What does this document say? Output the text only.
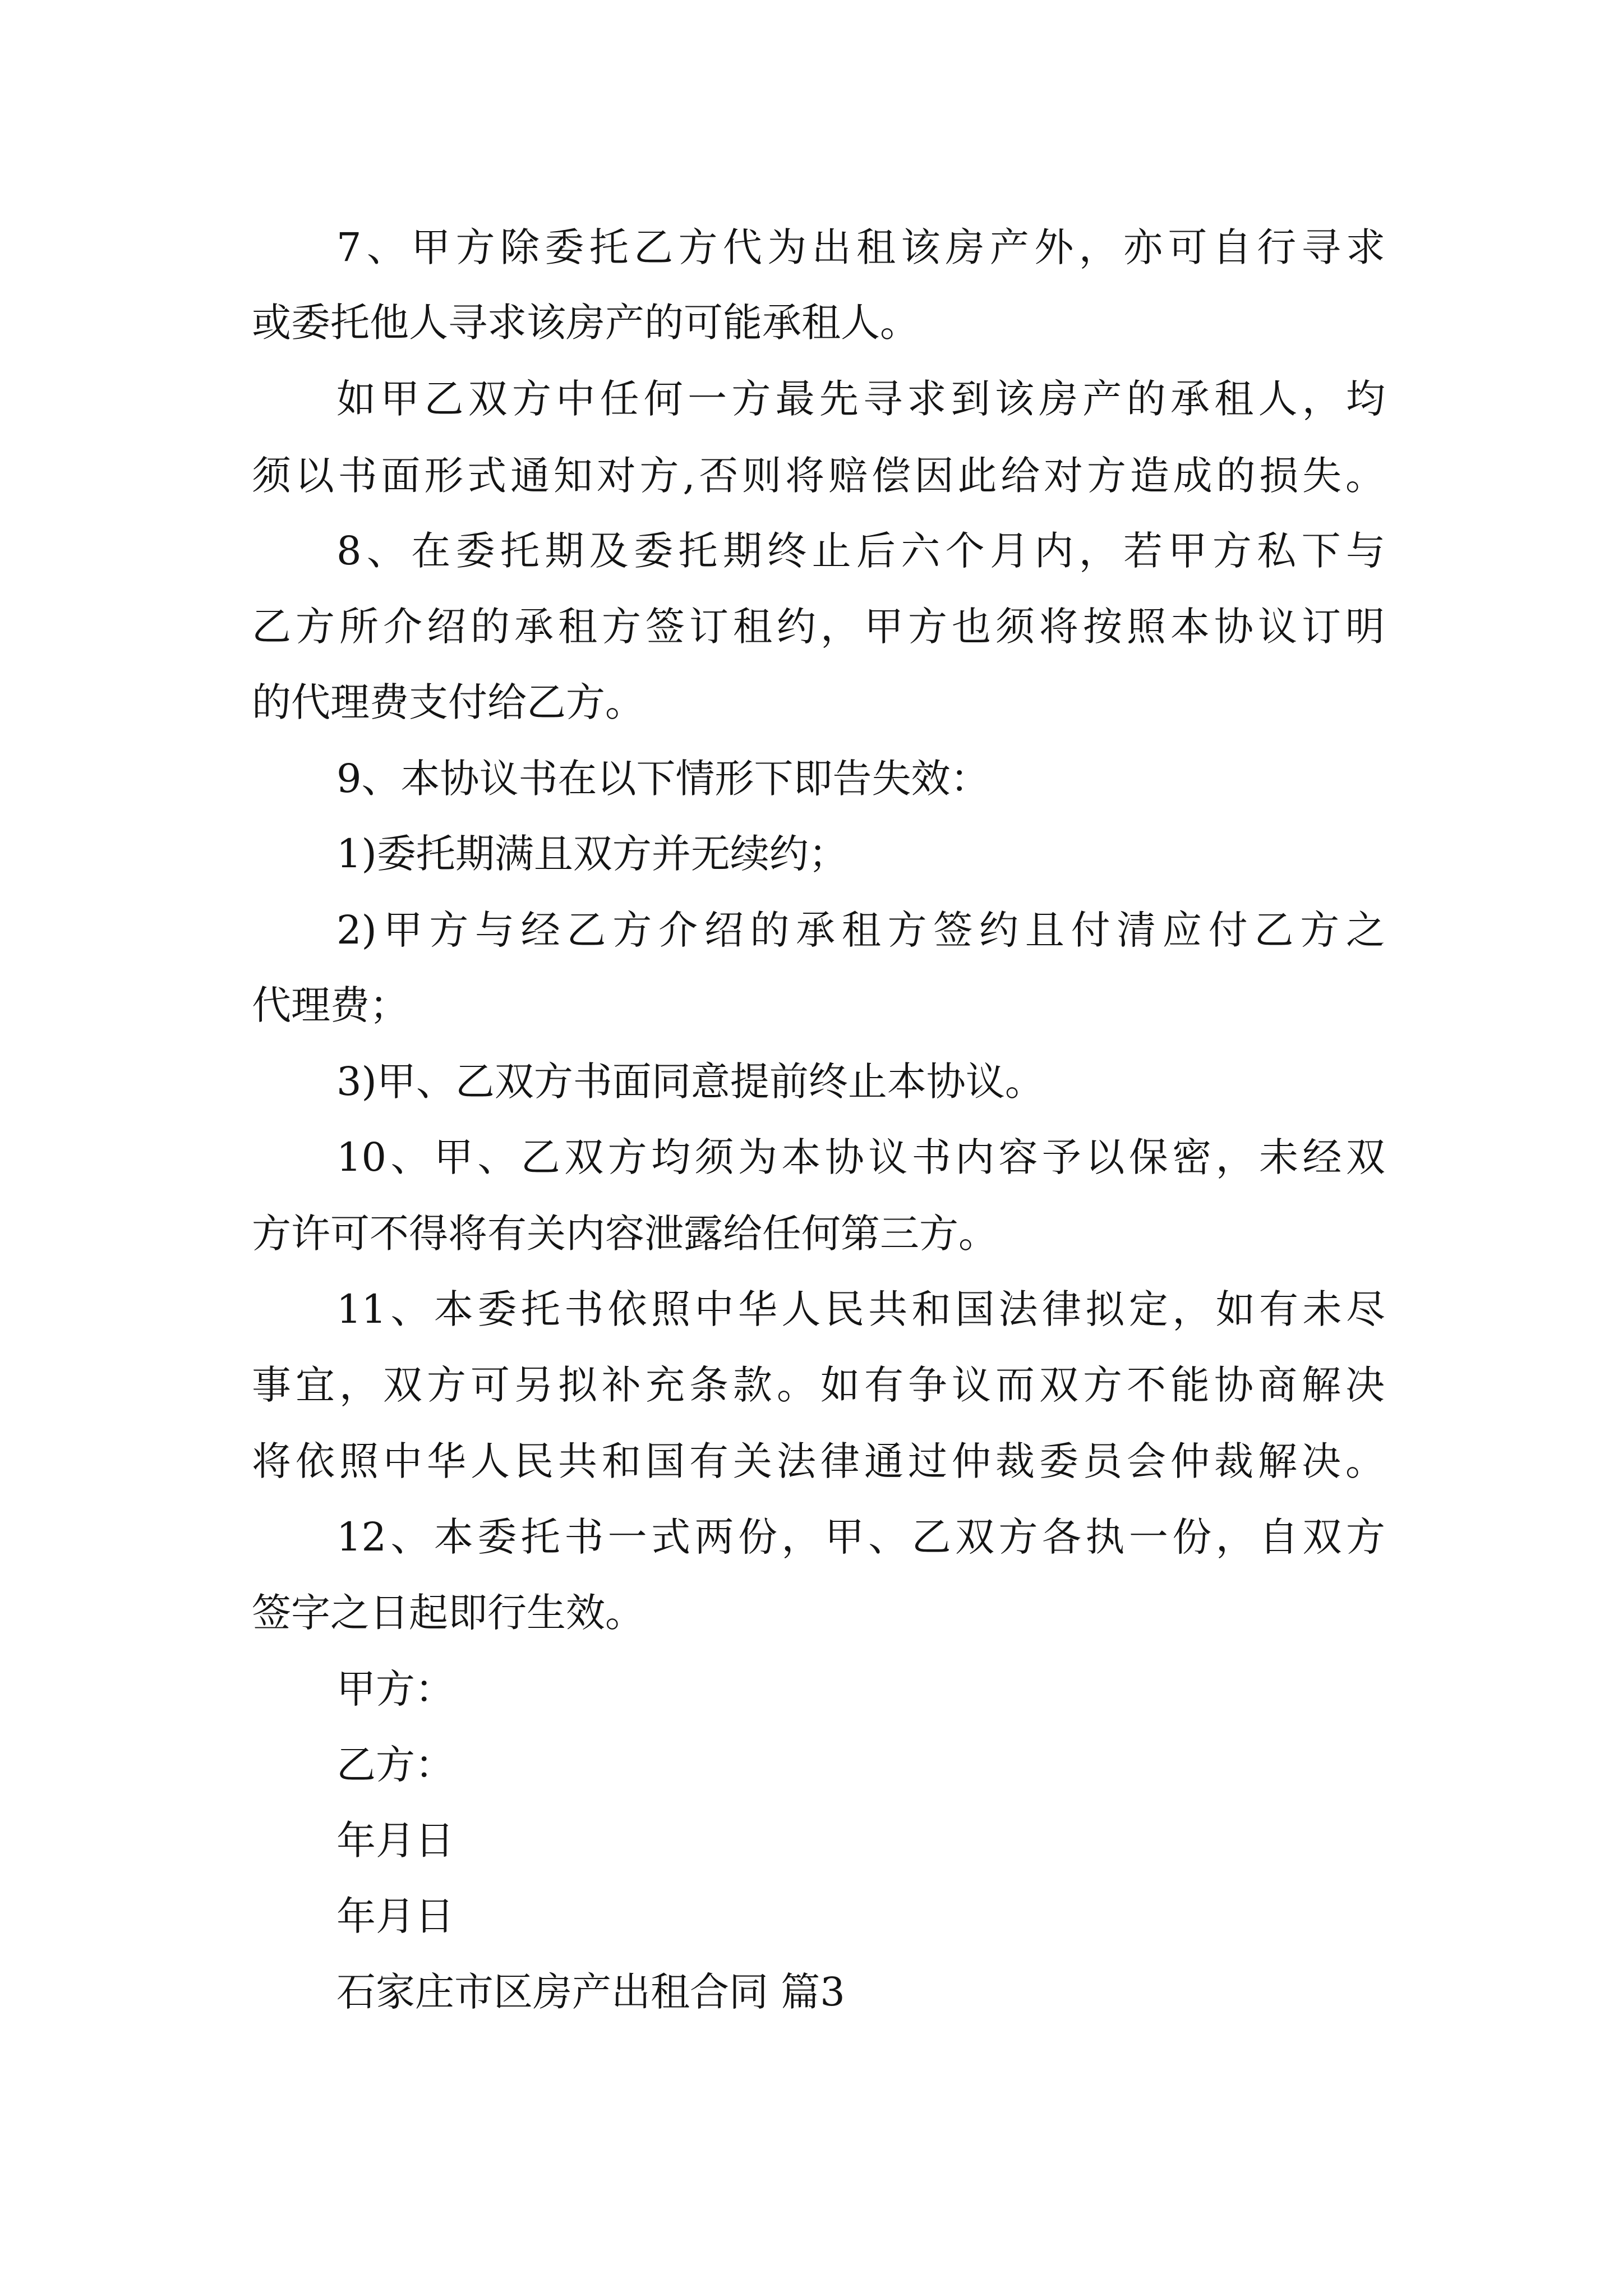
7、甲方除委托乙方代为出租该房产外，亦可自行寻求

或委托他人寻求该房产的可能承租人。

如甲乙双方中任何一方最先寻求到该房产的承租人，均

须以书面形式通知对方,否则将赔偿因此给对方造成的损失。

8、在委托期及委托期终止后六个月内，若甲方私下与

乙方所介绍的承租方签订租约，甲方也须将按照本协议订明

的代理费支付给乙方。

9、本协议书在以下情形下即告失效：

1)委托期满且双方并无续约；

2)甲方与经乙方介绍的承租方签约且付清应付乙方之

代理费；

3)甲、乙双方书面同意提前终止本协议。

10、甲、乙双方均须为本协议书内容予以保密，未经双

方许可不得将有关内容泄露给任何第三方。

11、本委托书依照中华人民共和国法律拟定，如有未尽

事宜，双方可另拟补充条款。如有争议而双方不能协商解决

将依照中华人民共和国有关法律通过仲裁委员会仲裁解决。

12、本委托书一式两份，甲、乙双方各执一份，自双方

签字之日起即行生效。

甲方：

乙方：

年月日

年月日

石家庄市区房产出租合同 篇3
